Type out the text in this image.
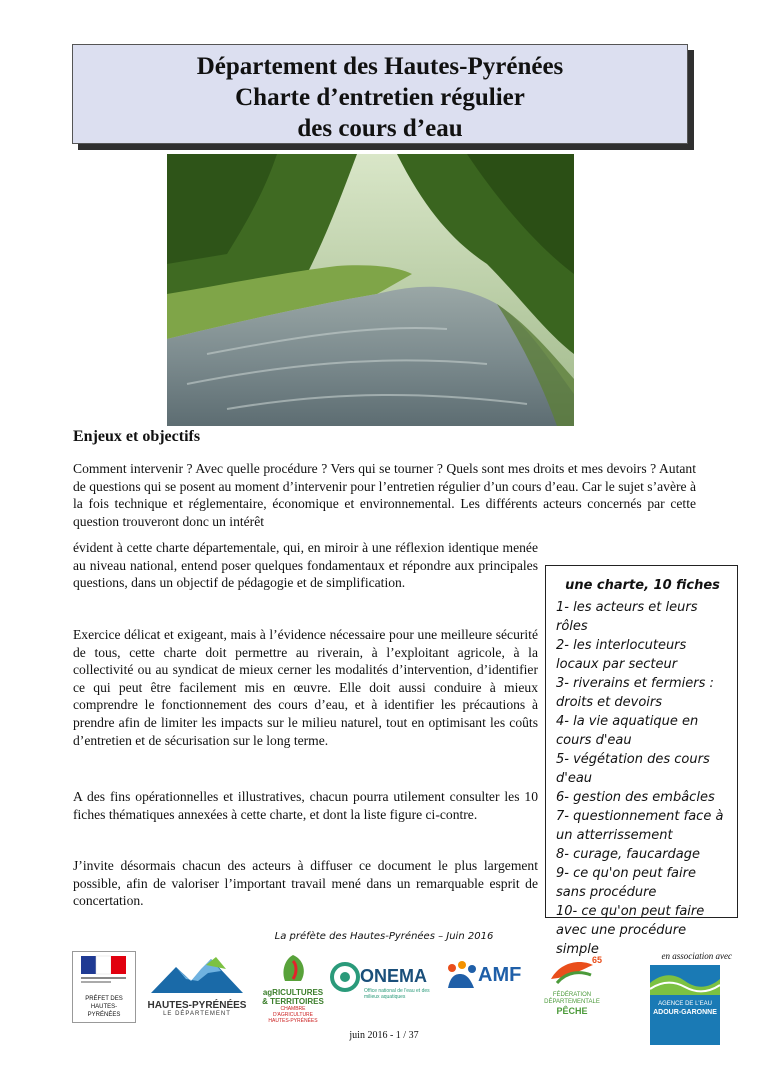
Département des Hautes-Pyrénées
Charte d’entretien régulier
des cours d’eau
Enjeux et objectifs

Comment intervenir ? Avec quelle procédure ? Vers qui se tourner ? Quels sont mes droits et mes devoirs ? Autant de questions qui se posent au moment d’intervenir pour l’entretien régulier d’un cours d’eau. Car le sujet s’avère à la fois technique et réglementaire, économique et environnemental. Les différents acteurs concernés par cette question trouveront donc un intérêt

évident à cette charte départementale, qui, en miroir à une réflexion identique menée au niveau national, entend poser quelques fondamentaux et répondre aux principales questions, dans un objectif de pédagogie et de simplification.

Exercice délicat et exigeant, mais à l’évidence nécessaire pour une meilleure sécurité de tous, cette charte doit permettre au riverain, à l’exploitant agricole, à la collectivité ou au syndicat de mieux cerner les modalités d’intervention, d’identifier ce qui peut être facilement mis en œuvre. Elle doit aussi conduire à mieux comprendre le fonctionnement des cours d’eau, et à identifier les précautions à prendre afin de limiter les impacts sur le milieu naturel, tout en optimisant les coûts d’entretien et de sécurisation sur le long terme.

A des fins opérationnelles et illustratives, chacun pourra utilement consulter les 10 fiches thématiques annexées à cette charte, et dont la liste figure ci-contre.

J’invite désormais chacun des acteurs à diffuser ce document le plus largement possible, afin de valoriser l’important travail mené dans un remarquable esprit de concertation.

une charte, 10 fiches
1- les acteurs et leurs rôles
2- les interlocuteurs locaux par secteur
3- riverains et fermiers : droits et devoirs
4- la vie aquatique en cours d'eau
5- végétation des cours d'eau
6- gestion des embâcles
7- questionnement face à un atterrissement
8- curage, faucardage
9- ce qu'on peut faire sans procédure
10- ce qu'on peut faire avec une procédure simple
La préfète des Hautes-Pyrénées – Juin 2016
en association avec
PRÉFET DES HAUTES-PYRÉNÉES
HAUTES-PYRÉNÉES
LE DÉPARTEMENT
agRICULTURES
& TERRITOIRES
CHAMBRE D'AGRICULTURE HAUTES-PYRÉNÉES
ONEMA
Office national de l'eau et des milieux aquatiques
AMF
65
FÉDÉRATION
DÉPARTEMENTALE
PÊCHE
AGENCE DE L'EAU
ADOUR-GARONNE
juin 2016 - 1 / 37
